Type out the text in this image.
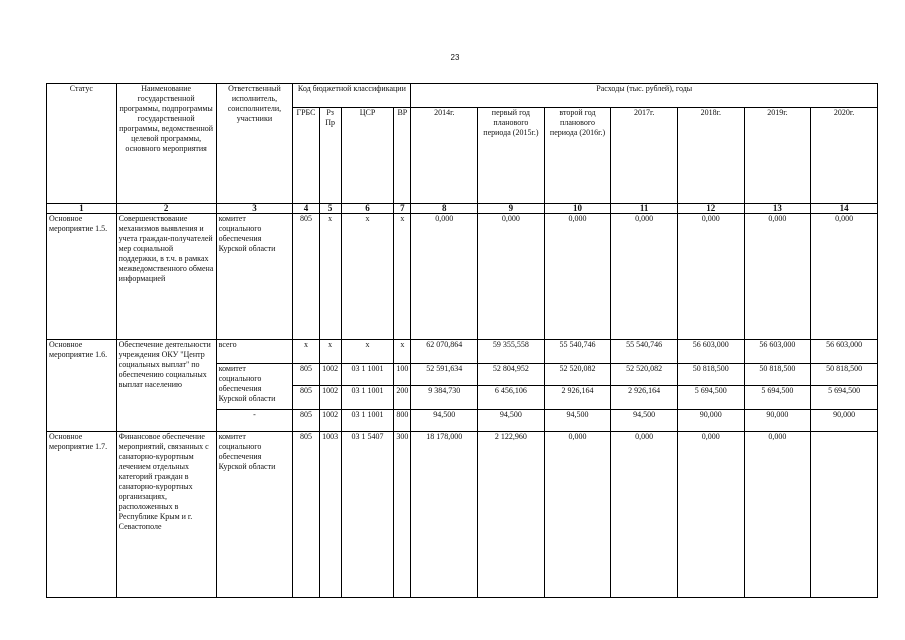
23
Статус	Наименование государственной программы, подпрограммы государственной программы, ведомственной целевой программы, основного мероприятия	Ответственный исполнитель, соисполнители, участники	Код бюджетной классификации				Расходы (тыс. рублей), годы						
			ГРБС	Рз Пр	ЦСР	ВР	2014г.	первый год планового периода (2015г.)	второй год планового периода (2016г.)	2017г.	2018г.	2019г.	2020г.
1	2	3	4	5	6	7	8	9	10	11	12	13	14
Основное мероприятие 1.5.	Совершенствование механизмов выявления и учета граждан-получателей мер социальной поддержки, в т.ч. в рамках межведомственного обмена информацией	комитет социального обеспечения Курской области	805	x	x	x	0,000	0,000	0,000	0,000	0,000	0,000	0,000
Основное мероприятие 1.6.	Обеспечение деятельности учреждения ОКУ "Центр социальных выплат" по обеспечению социальных выплат населению	всего	x	x	x	x	62 070,864	59 355,558	55 540,746	55 540,746	56 603,000	56 603,000	56 603,000
		комитет социального обеспечения Курской области	805	1002	03 1 1001	100	52 591,634	52 804,952	52 520,082	52 520,082	50 818,500	50 818,500	50 818,500
			805	1002	03 1 1001	200	9 384,730	6 456,106	2 926,164	2 926,164	5 694,500	5 694,500	5 694,500
		-	805	1002	03 1 1001	800	94,500	94,500	94,500	94,500	90,000	90,000	90,000
Основное мероприятие 1.7.	Финансовое обеспечение мероприятий, связанных с санаторно-курортным лечением отдельных категорий граждан в санаторно-курортных организациях, расположенных в Республике Крым и г. Севастополе	комитет социального обеспечения Курской области	805	1003	03 1 5407	300	18 178,000	2 122,960	0,000	0,000	0,000	0,000	
